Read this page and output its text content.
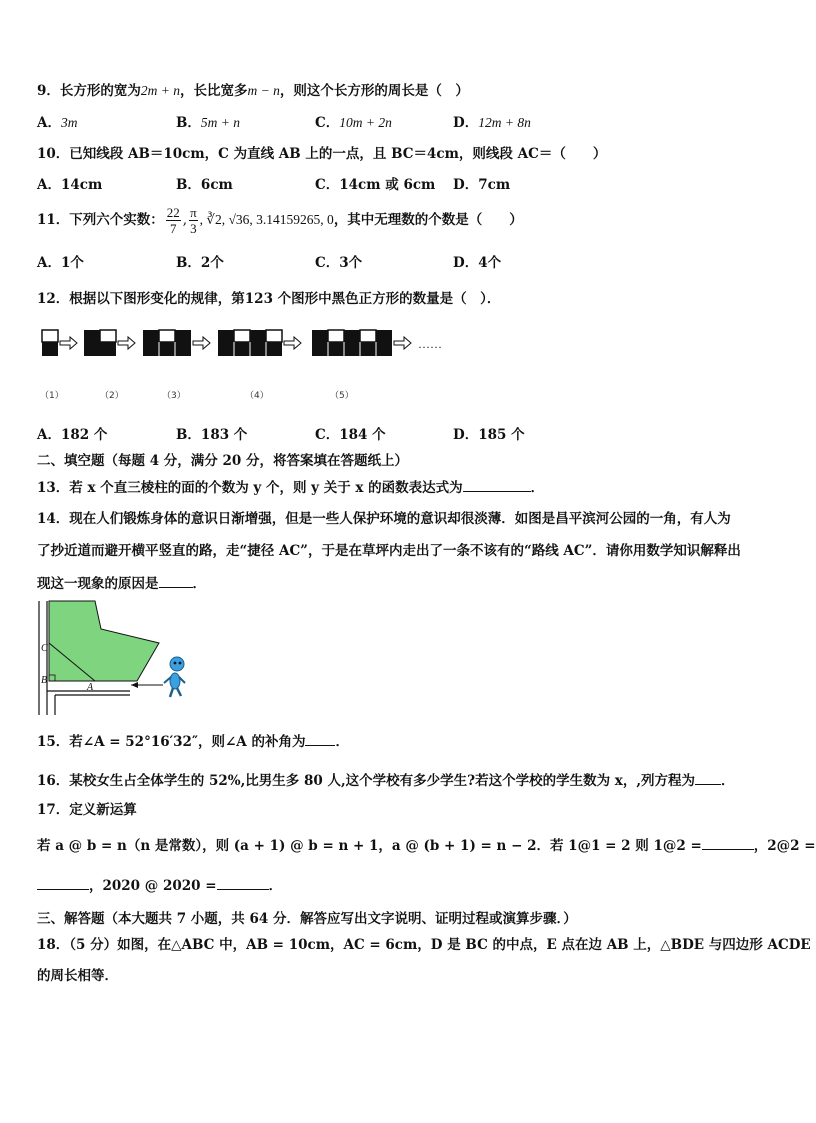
9．长方形的宽为2m + n，长比宽多m − n，则这个长方形的周长是（　）
A．3m	B．5m + n	C．10m + 2n	D．12m + 8n
10．已知线段 AB＝10cm，C 为直线 AB 上的一点，且 BC＝4cm，则线段 AC＝（　　）
A．14cm	B．6cm	C．14cm 或 6cm D．7cm
11．下列六个实数： $\frac{22}{7}$ , $\frac{\pi}{3}$ , ∛2, √36, 3.14159265, 0，其中无理数的个数是（　　）
A．1个	B．2个	C．3个	D．4个
12．根据以下图形变化的规律，第123 个图形中黑色正方形的数量是（　）．
……
（1）	（2）	（3）	（4）	（5）
A．182 个	B．183 个	C．184 个	D．185 个
二、填空题（每题 4 分，满分 20 分，将答案填在答题纸上）
13．若 x 个直三棱柱的面的个数为 y 个，则 y 关于 x 的函数表达式为	．
14．现在人们锻炼身体的意识日渐增强，但是一些人保护环境的意识却很淡薄．如图是昌平滨河公园的一角，有人为
了抄近道而避开横平竖直的路，走“捷径 AC”，于是在草坪内走出了一条不该有的“路线 AC”．请你用数学知识解释出
现这一现象的原因是	．
C
B
A
15．若∠A = 52°16′32″，则∠A 的补角为 ．
16．某校女生占全体学生的 52%,比男生多 80 人,这个学校有多少学生?若这个学校的学生数为 x，,列方程为 ．
17．定义新运算
若 a @ b = n（n 是常数），则 (a + 1) @ b = n + 1，a @ (b + 1) = n − 2．若 1@1 = 2 则 1@2 =	，2@2 =
，2020 @ 2020 =	．
三、解答题（本大题共 7 小题，共 64 分．解答应写出文字说明、证明过程或演算步骤．）
18．（5 分）如图，在△ABC 中，AB = 10cm，AC = 6cm，D 是 BC 的中点，E 点在边 AB 上，△BDE 与四边形 ACDE
的周长相等．
